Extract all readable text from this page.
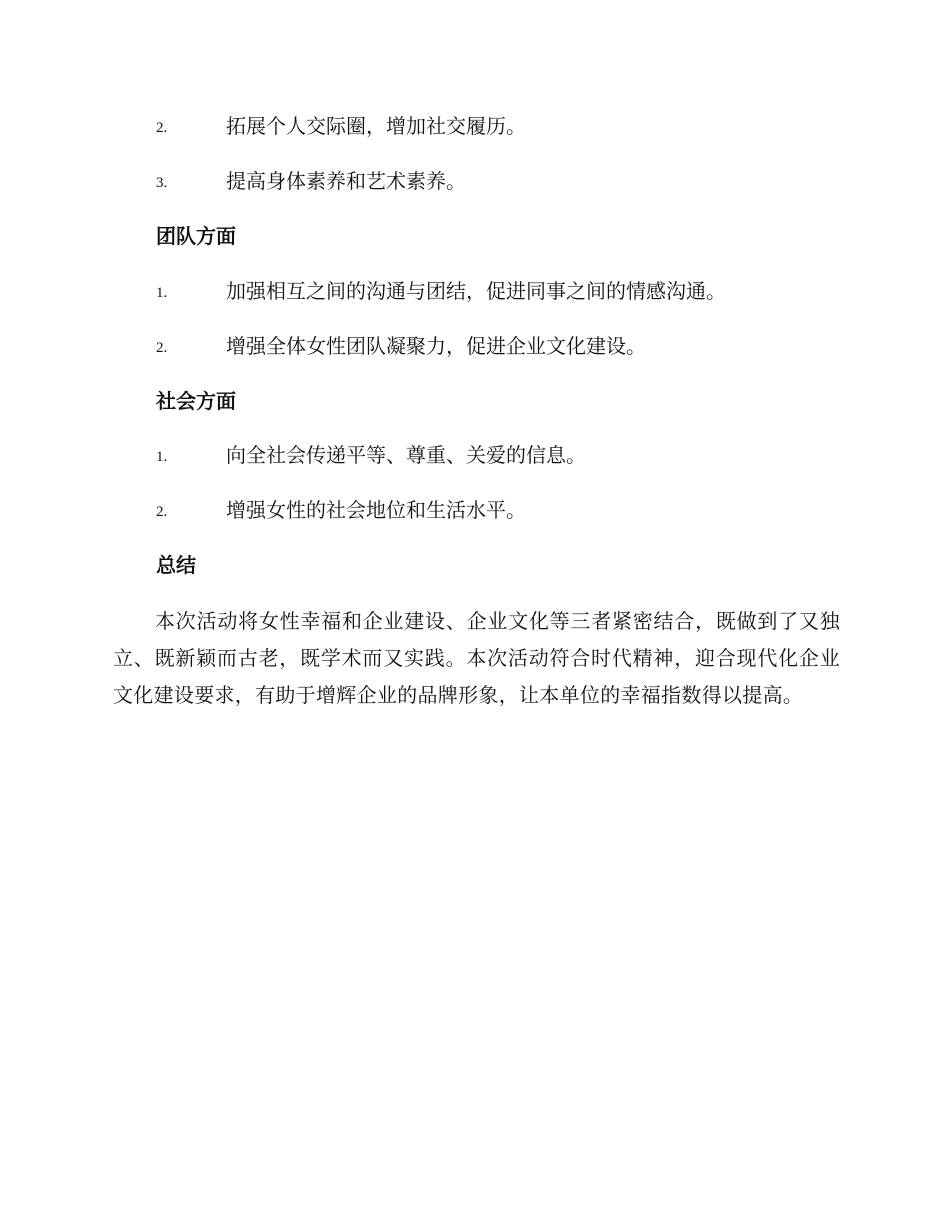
2.	拓展个人交际圈，增加社交履历。
3.	提高身体素养和艺术素养。
团队方面
1.	加强相互之间的沟通与团结，促进同事之间的情感沟通。
2.	增强全体女性团队凝聚力，促进企业文化建设。
社会方面
1.	向全社会传递平等、尊重、关爱的信息。
2.	增强女性的社会地位和生活水平。
总结

本次活动将女性幸福和企业建设、企业文化等三者紧密结合，既做到了又独立、既新颖而古老，既学术而又实践。本次活动符合时代精神，迎合现代化企业文化建设要求，有助于增辉企业的品牌形象，让本单位的幸福指数得以提高。
